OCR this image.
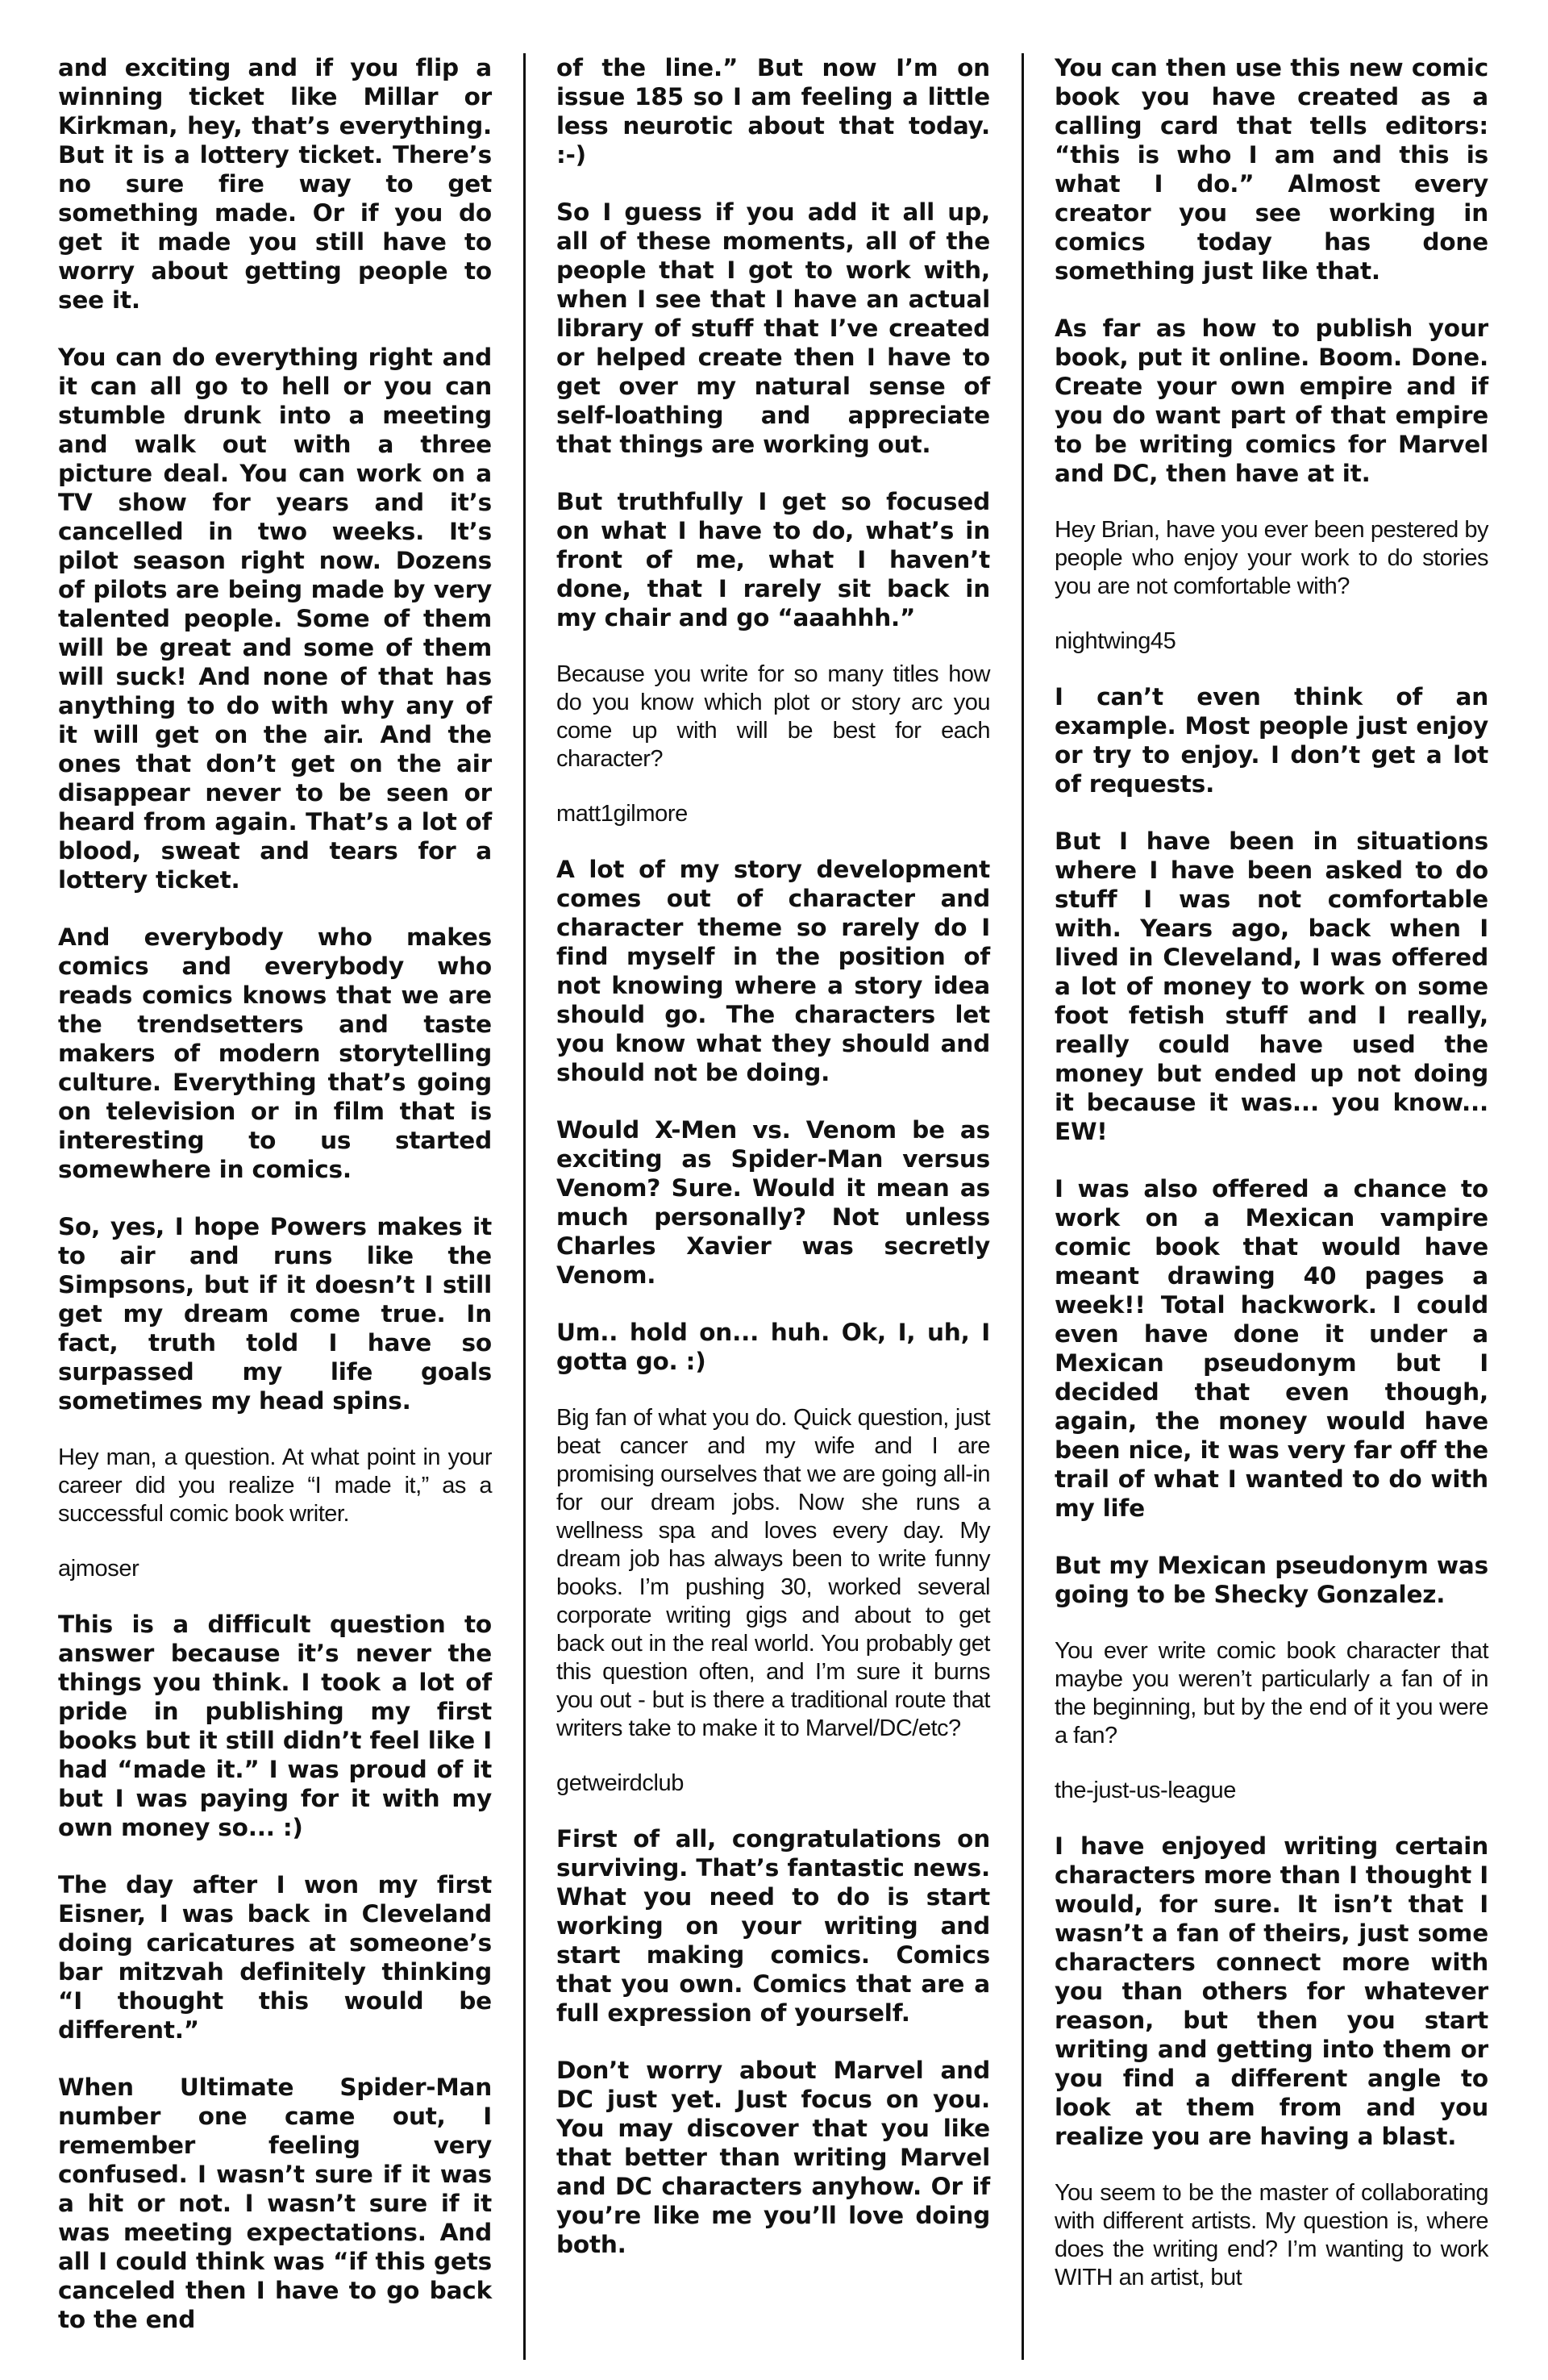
and exciting and if you flip a winning ticket like Millar or Kirkman, hey, that’s everything. But it is a lottery ticket. There’s no sure fire way to get something made. Or if you do get it made you still have to worry about getting people to see it.

You can do everything right and it can all go to hell or you can stumble drunk into a meeting and walk out with a three picture deal. You can work on a TV show for years and it’s cancelled in two weeks. It’s pilot season right now. Dozens of pilots are being made by very talented people. Some of them will be great and some of them will suck! And none of that has anything to do with why any of it will get on the air. And the ones that don’t get on the air disappear never to be seen or heard from again. That’s a lot of blood, sweat and tears for a lottery ticket.

And everybody who makes comics and everybody who reads comics knows that we are the trendsetters and taste makers of modern storytelling culture. Everything that’s going on television or in film that is interesting to us started somewhere in comics.

So, yes, I hope Powers makes it to air and runs like the Simpsons, but if it doesn’t I still get my dream come true. In fact, truth told I have so surpassed my life goals sometimes my head spins.

Hey man, a question. At what point in your career did you realize “I made it,” as a successful comic book writer.

ajmoser

This is a difficult question to answer because it’s never the things you think. I took a lot of pride in publishing my first books but it still didn’t feel like I had “made it.” I was proud of it but I was paying for it with my own money so... :)

The day after I won my first Eisner, I was back in Cleveland doing caricatures at someone’s bar mitzvah definitely thinking “I thought this would be different.”

When Ultimate Spider-Man number one came out, I remember feeling very confused. I wasn’t sure if it was a hit or not. I wasn’t sure if it was meeting expectations. And all I could think was “if this gets canceled then I have to go back to the end

of the line.” But now I’m on issue 185 so I am feeling a little less neurotic about that today. :-)

So I guess if you add it all up, all of these moments, all of the people that I got to work with, when I see that I have an actual library of stuff that I’ve created or helped create then I have to get over my natural sense of self-loathing and appreciate that things are working out.

But truthfully I get so focused on what I have to do, what’s in front of me, what I haven’t done, that I rarely sit back in my chair and go “aaahhh.”

Because you write for so many titles how do you know which plot or story arc you come up with will be best for each character?

matt1gilmore

A lot of my story development comes out of character and character theme so rarely do I find myself in the position of not knowing where a story idea should go. The characters let you know what they should and should not be doing.

Would X-Men vs. Venom be as exciting as Spider-Man versus Venom? Sure. Would it mean as much personally? Not unless Charles Xavier was secretly Venom.

Um.. hold on... huh. Ok, I, uh, I gotta go. :)

Big fan of what you do. Quick question, just beat cancer and my wife and I are promising ourselves that we are going all-in for our dream jobs. Now she runs a wellness spa and loves every day. My dream job has always been to write funny books. I’m pushing 30, worked several corporate writing gigs and about to get back out in the real world. You probably get this question often, and I’m sure it burns you out - but is there a traditional route that writers take to make it to Marvel/DC/etc?

getweirdclub

First of all, congratulations on surviving. That’s fantastic news. What you need to do is start working on your writing and start making comics. Comics that you own. Comics that are a full expression of yourself.

Don’t worry about Marvel and DC just yet. Just focus on you. You may discover that you like that better than writing Marvel and DC characters anyhow. Or if you’re like me you’ll love doing both.

You can then use this new comic book you have created as a calling card that tells editors: “this is who I am and this is what I do.” Almost every creator you see working in comics today has done something just like that.

As far as how to publish your book, put it online. Boom. Done. Create your own empire and if you do want part of that empire to be writing comics for Marvel and DC, then have at it.

Hey Brian, have you ever been pestered by people who enjoy your work to do stories you are not comfortable with?

nightwing45

I can’t even think of an example. Most people just enjoy or try to enjoy. I don’t get a lot of requests.

But I have been in situations where I have been asked to do stuff I was not comfortable with. Years ago, back when I lived in Cleveland, I was offered a lot of money to work on some foot fetish stuff and I really, really could have used the money but ended up not doing it because it was... you know... EW!

I was also offered a chance to work on a Mexican vampire comic book that would have meant drawing 40 pages a week!! Total hackwork. I could even have done it under a Mexican pseudonym but I decided that even though, again, the money would have been nice, it was very far off the trail of what I wanted to do with my life

But my Mexican pseudonym was going to be Shecky Gonzalez.

You ever write comic book character that maybe you weren’t particularly a fan of in the beginning, but by the end of it you were a fan?

the-just-us-league

I have enjoyed writing certain characters more than I thought I would, for sure. It isn’t that I wasn’t a fan of theirs, just some characters connect more with you than others for whatever reason, but then you start writing and getting into them or you find a different angle to look at them from and you realize you are having a blast.

You seem to be the master of collaborating with different artists. My question is, where does the writing end? I’m wanting to work WITH an artist, but
